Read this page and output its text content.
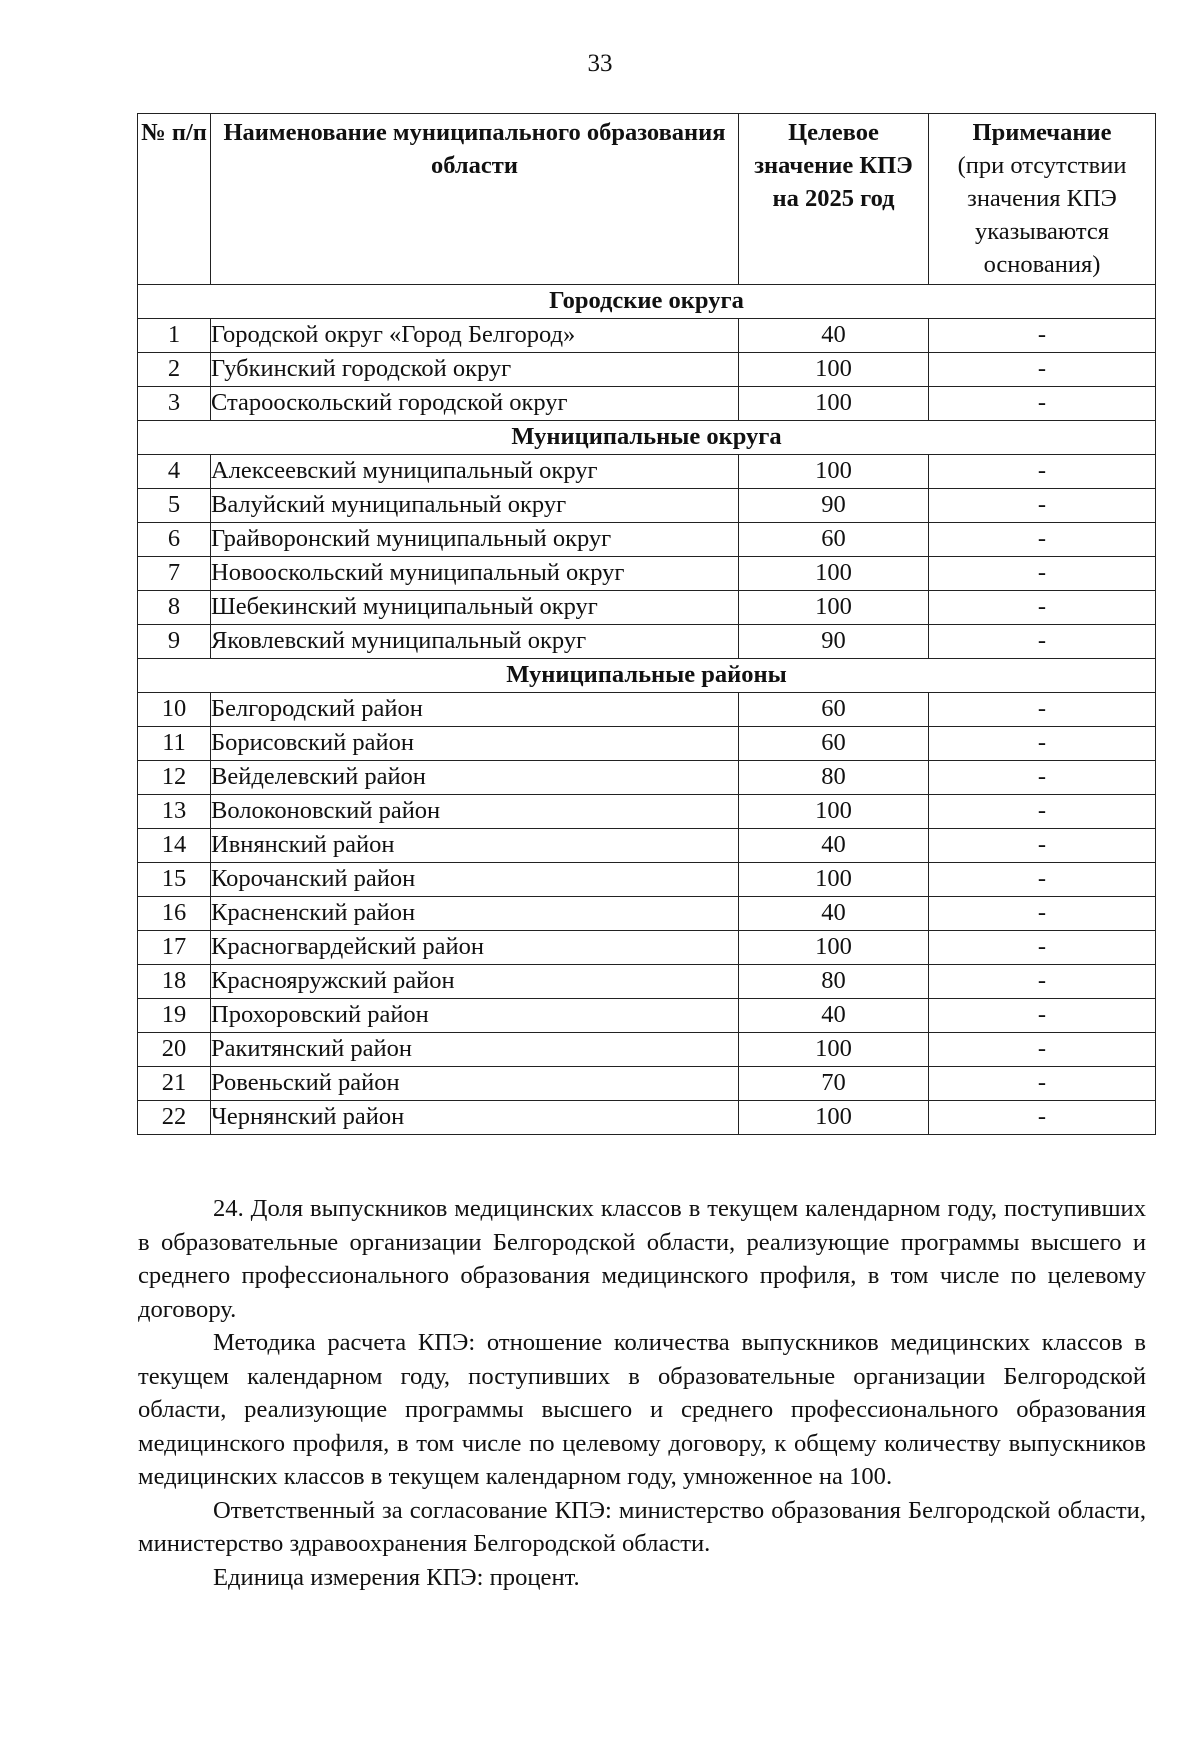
33
№ п/п	Наименование муниципального образования области	Целевое значение КПЭ на 2025 год	Примечание
(при отсутствии значения КПЭ указываются основания)
Городские округа			
1	Городской округ «Город Белгород»	40	-
2	Губкинский городской округ	100	-
3	Старооскольский городской округ	100	-
Муниципальные округа			
4	Алексеевский муниципальный округ	100	-
5	Валуйский муниципальный округ	90	-
6	Грайворонский муниципальный округ	60	-
7	Новооскольский муниципальный округ	100	-
8	Шебекинский муниципальный округ	100	-
9	Яковлевский муниципальный округ	90	-
Муниципальные районы			
10	Белгородский район	60	-
11	Борисовский район	60	-
12	Вейделевский район	80	-
13	Волоконовский район	100	-
14	Ивнянский район	40	-
15	Корочанский район	100	-
16	Красненский район	40	-
17	Красногвардейский район	100	-
18	Краснояружский район	80	-
19	Прохоровский район	40	-
20	Ракитянский район	100	-
21	Ровеньский район	70	-
22	Чернянский район	100	-

24. Доля выпускников медицинских классов в текущем календарном году, поступивших в образовательные организации Белгородской области, реализующие программы высшего и среднего профессионального образования медицинского профиля, в том числе по целевому договору.

Методика расчета КПЭ: отношение количества выпускников медицинских классов в текущем календарном году, поступивших в образовательные организации Белгородской области, реализующие программы высшего и среднего профессионального образования медицинского профиля, в том числе по целевому договору, к общему количеству выпускников медицинских классов в текущем календарном году, умноженное на 100.

Ответственный за согласование КПЭ: министерство образования Белгородской области, министерство здравоохранения Белгородской области.

Единица измерения КПЭ: процент.
